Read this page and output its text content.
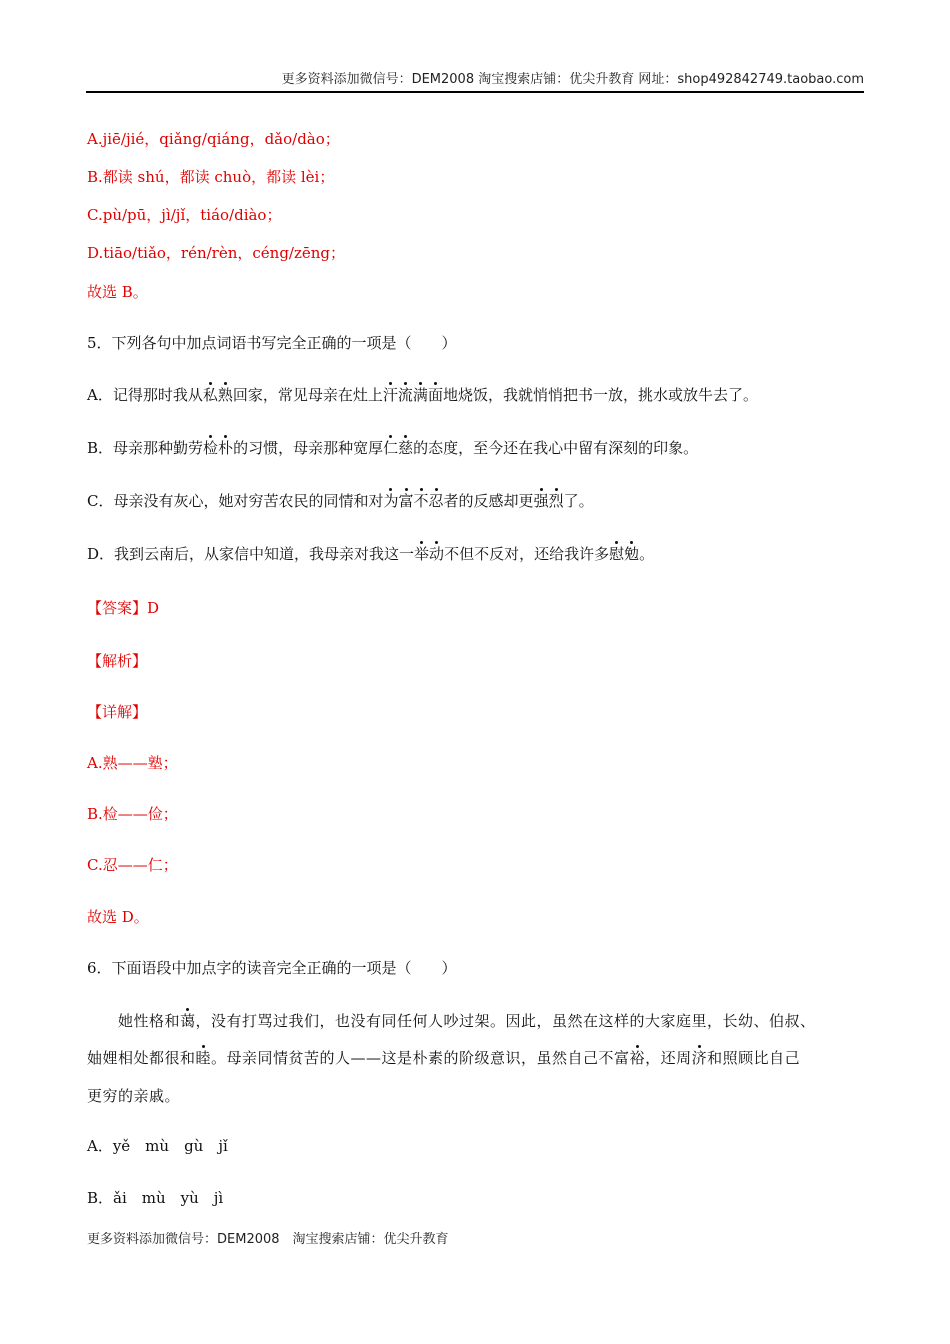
更多资料添加微信号：DEM2008 淘宝搜索店铺：优尖升教育 网址：shop492842749.taobao.com
A.jiē/jié，qiǎng/qiáng，dǎo/dào；
B.都读 shú，都读 chuò，都读 lèi；
C.pù/pū，jì/jǐ，tiáo/diào；
D.tiāo/tiǎo，rén/rèn，céng/zēng；
故选 B。
5．下列各句中加点词语书写完全正确的一项是（　　）
A．记得那时我从私熟回家，常见母亲在灶上汗流满面地烧饭，我就悄悄把书一放，挑水或放牛去了。
B．母亲那种勤劳检朴的习惯，母亲那种宽厚仁慈的态度，至今还在我心中留有深刻的印象。
C．母亲没有灰心，她对穷苦农民的同情和对为富不忍者的反感却更强烈了。
D．我到云南后，从家信中知道，我母亲对我这一举动不但不反对，还给我许多慰勉。
【答案】D
【解析】
【详解】
A.熟——塾；
B.检——俭；
C.忍——仁；
故选 D。
6．下面语段中加点字的读音完全正确的一项是（　　）
她性格和蔼，没有打骂过我们，也没有同任何人吵过架。因此，虽然在这样的大家庭里，长幼、伯叔、
妯娌相处都很和睦。母亲同情贫苦的人——这是朴素的阶级意识，虽然自己不富裕，还周济和照顾比自己
更穷的亲戚。
A．yě　mù　gù　jǐ
B．ǎi　mù　yù　jì
更多资料添加微信号：DEM2008　淘宝搜索店铺：优尖升教育
